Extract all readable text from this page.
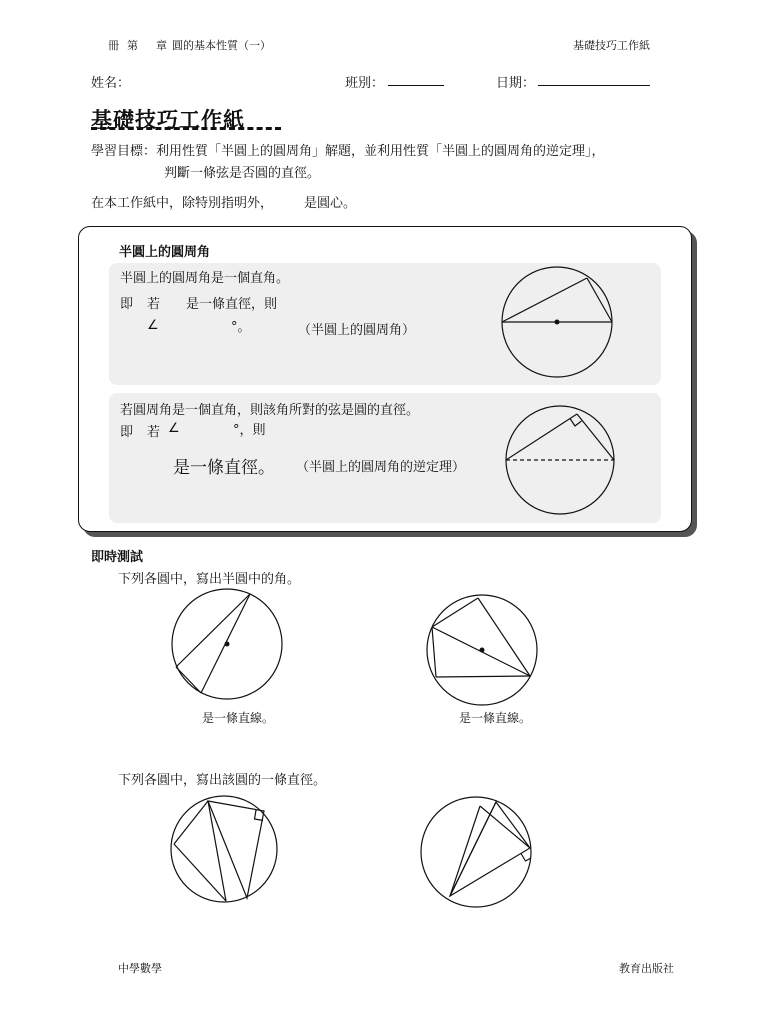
冊 第 章 圓的基本性質（一）	基礎技巧工作紙
姓名：	班別：	日期：
基礎技巧工作紙
學習目標：利用性質「半圓上的圓周角」解題，並利用性質「半圓上的圓周角的逆定理」，
判斷一條弦是否圓的直徑。
在本工作紙中，除特別指明外， 是圓心。
半圓上的圓周角
半圓上的圓周角是一個直角。
即 若 是一條直徑，則
∠	°。	（半圓上的圓周角）
若圓周角是一個直角，則該角所對的弦是圓的直徑。
即 若 ∠	°，則
是一條直徑。 （半圓上的圓周角的逆定理）
即時測試
下列各圓中，寫出半圓中的角。
是一條直線。	是一條直線。
下列各圓中，寫出該圓的一條直徑。
中學數學	教育出版社
